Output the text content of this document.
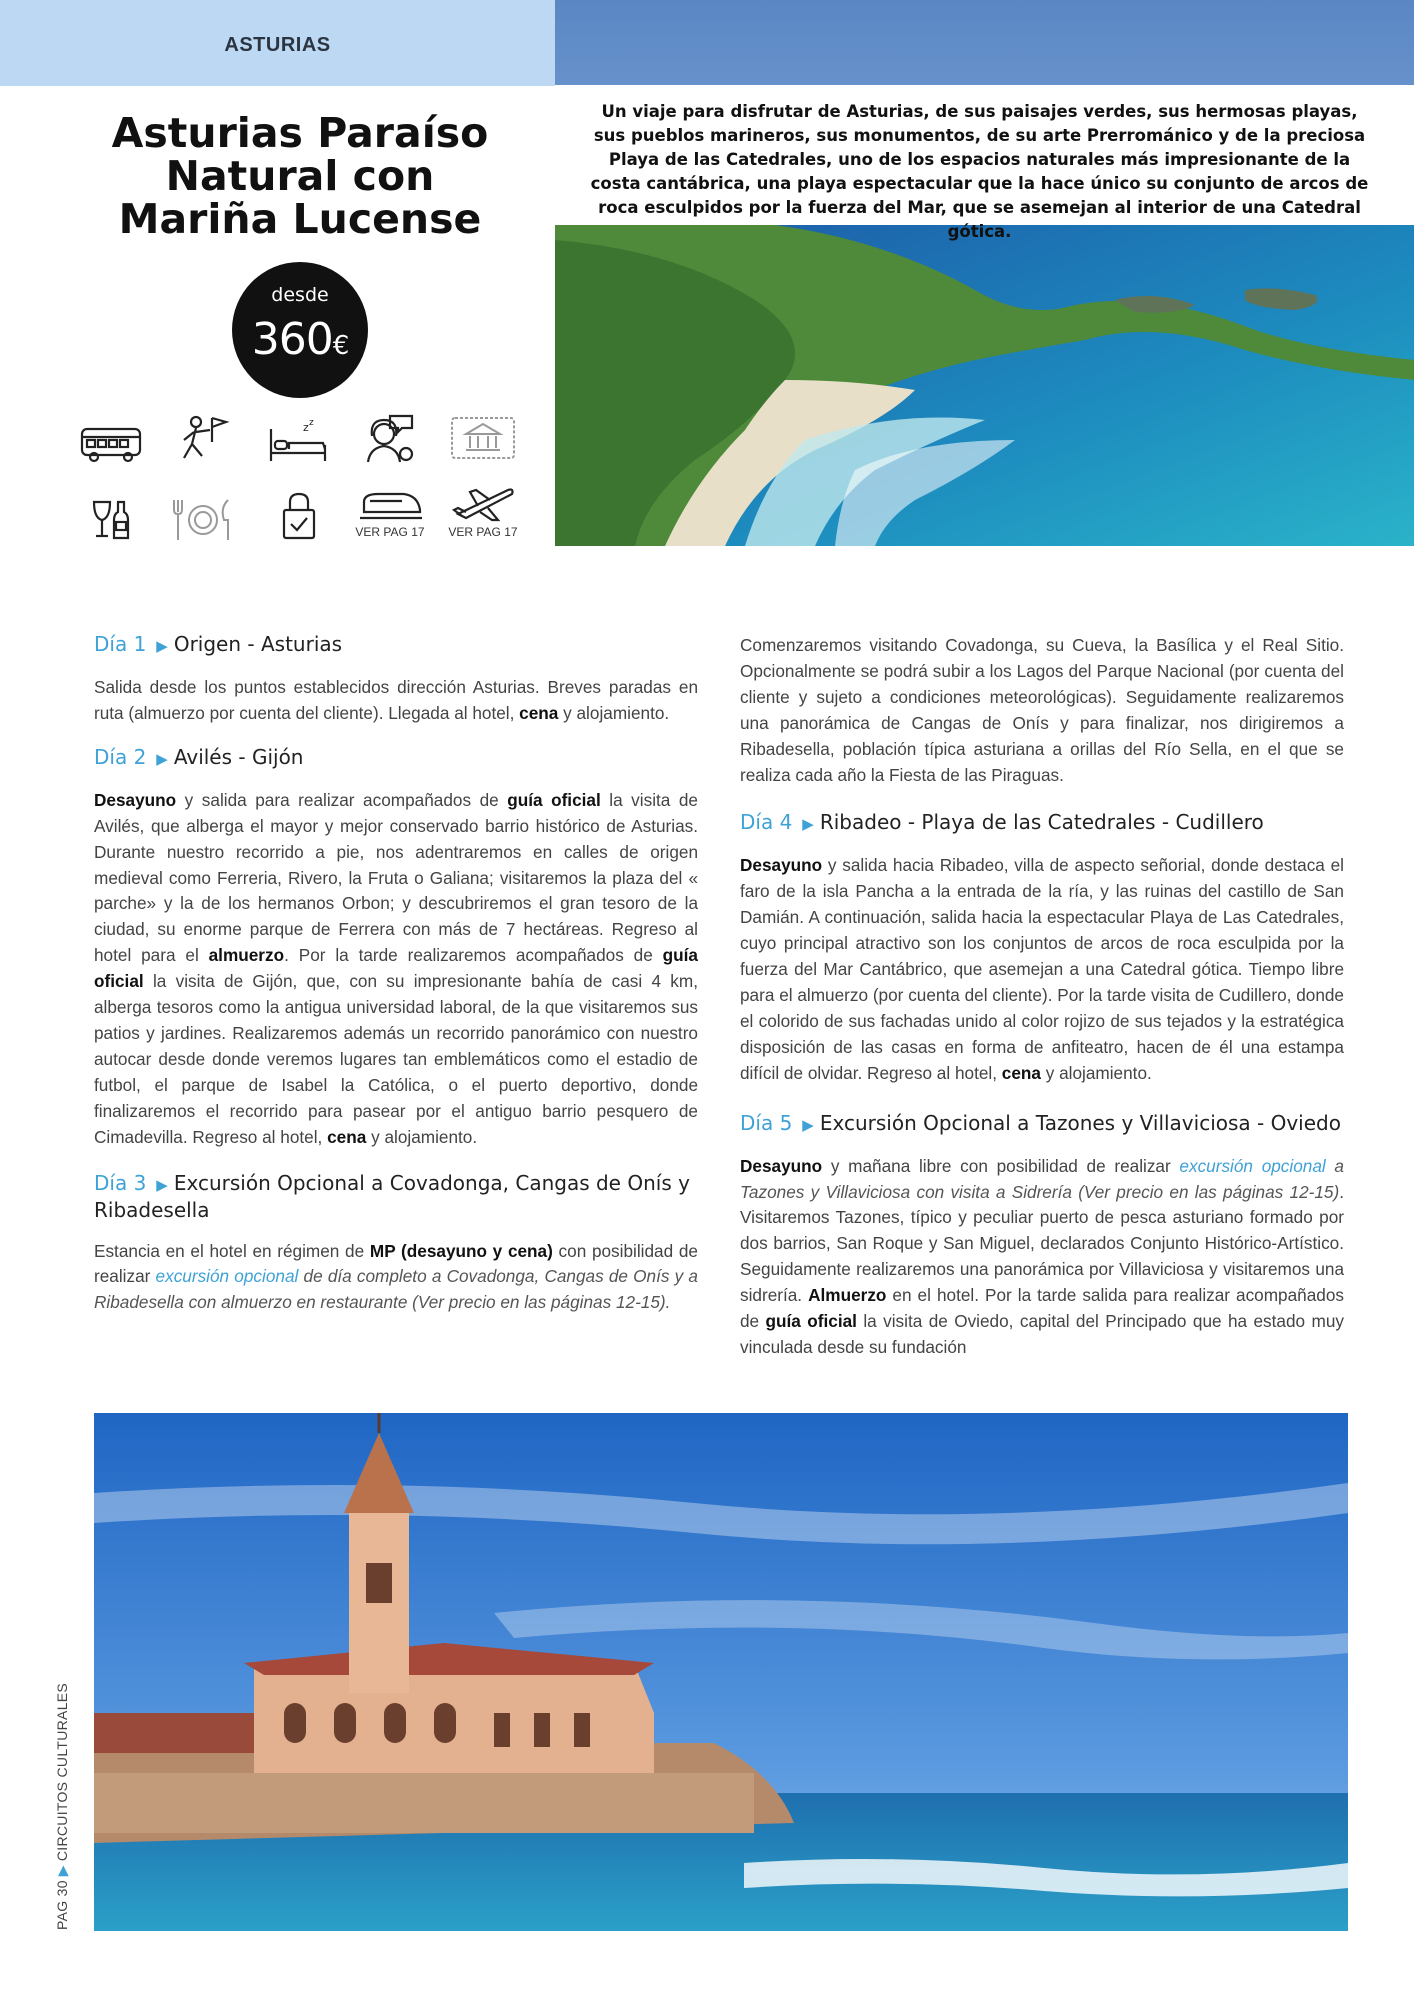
ASTURIAS
Asturias Paraíso
Natural con
Mariña Lucense
desde
360€
z z
VER PAG 17	VER PAG 17
Un viaje para disfrutar de Asturias, de sus paisajes verdes, sus hermosas playas, sus pueblos marineros, sus monumentos, de su arte Prerrománico y de la preciosa Playa de las Catedrales, uno de los espacios naturales más impresionante de la costa cantábrica, una playa espectacular que la hace único su conjunto de arcos de roca esculpidos por la fuerza del Mar, que se asemejan al interior de una Catedral gótica.
Día 1 ▶ Origen - Asturias

Salida desde los puntos establecidos dirección Asturias. Breves paradas en ruta (almuerzo por cuenta del cliente). Llegada al hotel, cena y alojamiento.

Día 2 ▶ Avilés - Gijón

Desayuno y salida para realizar acompañados de guía oficial la visita de Avilés, que alberga el mayor y mejor conservado barrio histórico de Asturias. Durante nuestro recorrido a pie, nos adentraremos en calles de origen medieval como Ferreria, Rivero, la Fruta o Galiana; visitaremos la plaza del « parche» y la de los hermanos Orbon; y descubriremos el gran tesoro de la ciudad, su enorme parque de Ferrera con más de 7 hectáreas. Regreso al hotel para el almuerzo. Por la tarde realizaremos acompañados de guía oficial la visita de Gijón, que, con su impresionante bahía de casi 4 km, alberga tesoros como la antigua universidad laboral, de la que visitaremos sus patios y jardines. Realizaremos además un recorrido panorámico con nuestro autocar desde donde veremos lugares tan emblemáticos como el estadio de futbol, el parque de Isabel la Católica, o el puerto deportivo, donde finalizaremos el recorrido para pasear por el antiguo barrio pesquero de Cimadevilla. Regreso al hotel, cena y alojamiento.

Día 3 ▶ Excursión Opcional a Covadonga, Cangas de Onís y Ribadesella

Estancia en el hotel en régimen de MP (desayuno y cena) con posibilidad de realizar excursión opcional de día completo a Covadonga, Cangas de Onís y a Ribadesella con almuerzo en restaurante (Ver precio en las páginas 12-15).

Comenzaremos visitando Covadonga, su Cueva, la Basílica y el Real Sitio. Opcionalmente se podrá subir a los Lagos del Parque Nacional (por cuenta del cliente y sujeto a condiciones meteorológicas). Seguidamente realizaremos una panorámica de Cangas de Onís y para finalizar, nos dirigiremos a Ribadesella, población típica asturiana a orillas del Río Sella, en el que se realiza cada año la Fiesta de las Piraguas.

Día 4 ▶ Ribadeo - Playa de las Catedrales - Cudillero

Desayuno y salida hacia Ribadeo, villa de aspecto señorial, donde destaca el faro de la isla Pancha a la entrada de la ría, y las ruinas del castillo de San Damián. A continuación, salida hacia la espectacular Playa de Las Catedrales, cuyo principal atractivo son los conjuntos de arcos de roca esculpida por la fuerza del Mar Cantábrico, que asemejan a una Catedral gótica. Tiempo libre para el almuerzo (por cuenta del cliente). Por la tarde visita de Cudillero, donde el colorido de sus fachadas unido al color rojizo de sus tejados y la estratégica disposición de las casas en forma de anfiteatro, hacen de él una estampa difícil de olvidar. Regreso al hotel, cena y alojamiento.

Día 5 ▶ Excursión Opcional a Tazones y Villaviciosa - Oviedo

Desayuno y mañana libre con posibilidad de realizar excursión opcional a Tazones y Villaviciosa con visita a Sidrería (Ver precio en las páginas 12-15). Visitaremos Tazones, típico y peculiar puerto de pesca asturiano formado por dos barrios, San Roque y San Miguel, declarados Conjunto Histórico-Artístico. Seguidamente realizaremos una panorámica por Villaviciosa y visitaremos una sidrería. Almuerzo en el hotel. Por la tarde salida para realizar acompañados de guía oficial la visita de Oviedo, capital del Principado que ha estado muy vinculada desde su fundación

PAG 30▶CIRCUITOS CULTURALES
